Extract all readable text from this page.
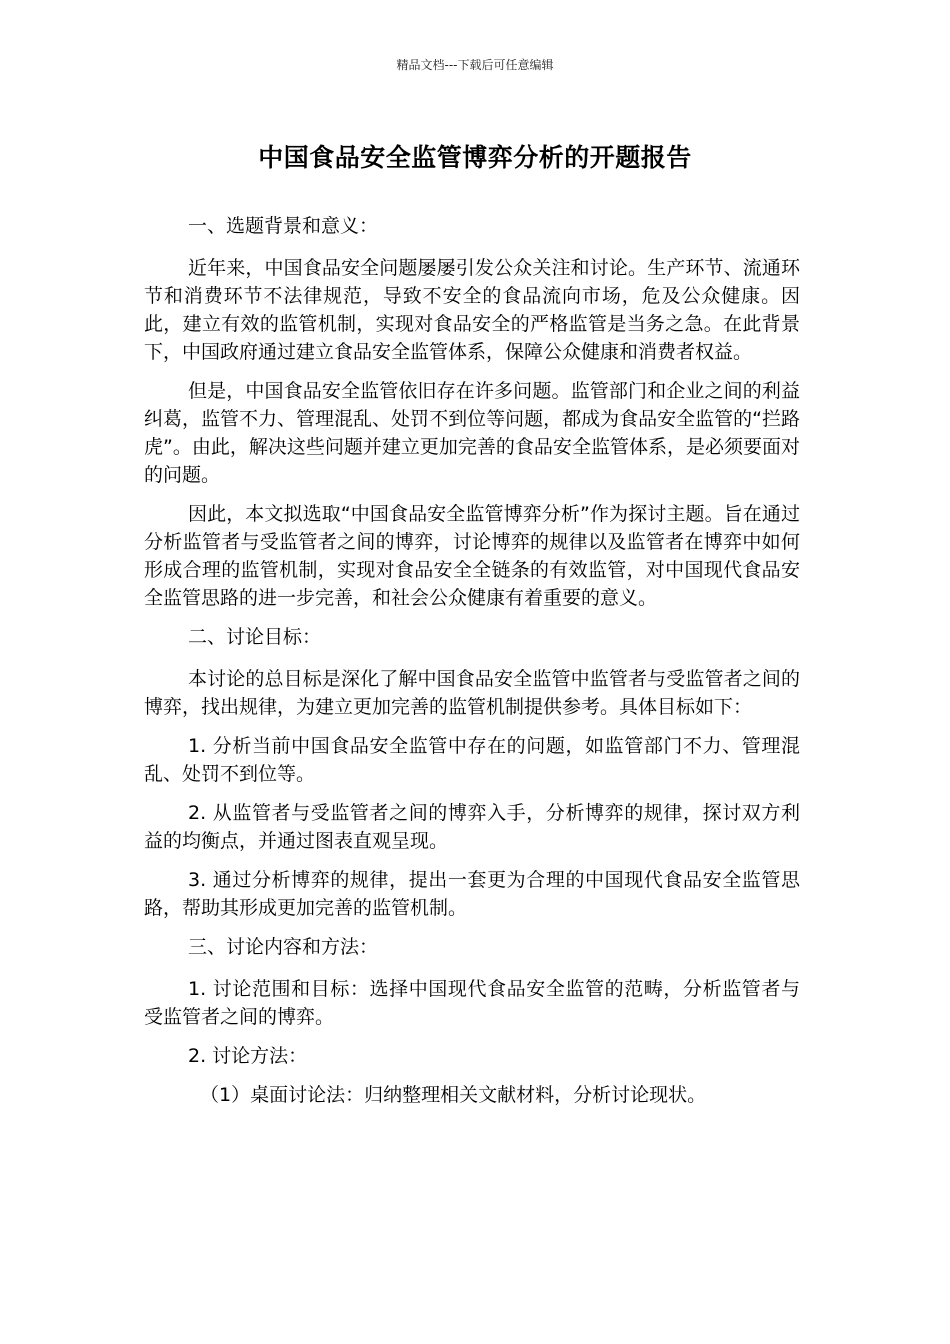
精品文档---下载后可任意编辑
中国食品安全监管博弈分析的开题报告

一、选题背景和意义：

近年来，中国食品安全问题屡屡引发公众关注和讨论。生产环节、流通环节和消费环节不法律规范，导致不安全的食品流向市场，危及公众健康。因此，建立有效的监管机制，实现对食品安全的严格监管是当务之急。在此背景下，中国政府通过建立食品安全监管体系，保障公众健康和消费者权益。

但是，中国食品安全监管依旧存在许多问题。监管部门和企业之间的利益纠葛，监管不力、管理混乱、处罚不到位等问题，都成为食品安全监管的“拦路虎”。由此，解决这些问题并建立更加完善的食品安全监管体系，是必须要面对的问题。

因此，本文拟选取“中国食品安全监管博弈分析”作为探讨主题。旨在通过分析监管者与受监管者之间的博弈，讨论博弈的规律以及监管者在博弈中如何形成合理的监管机制，实现对食品安全全链条的有效监管，对中国现代食品安全监管思路的进一步完善，和社会公众健康有着重要的意义。

二、讨论目标：

本讨论的总目标是深化了解中国食品安全监管中监管者与受监管者之间的博弈，找出规律，为建立更加完善的监管机制提供参考。具体目标如下：

1. 分析当前中国食品安全监管中存在的问题，如监管部门不力、管理混乱、处罚不到位等。

2. 从监管者与受监管者之间的博弈入手，分析博弈的规律，探讨双方利益的均衡点，并通过图表直观呈现。

3. 通过分析博弈的规律，提出一套更为合理的中国现代食品安全监管思路，帮助其形成更加完善的监管机制。

三、讨论内容和方法：

1. 讨论范围和目标：选择中国现代食品安全监管的范畴，分析监管者与受监管者之间的博弈。

2. 讨论方法：

（1）桌面讨论法：归纳整理相关文献材料，分析讨论现状。
